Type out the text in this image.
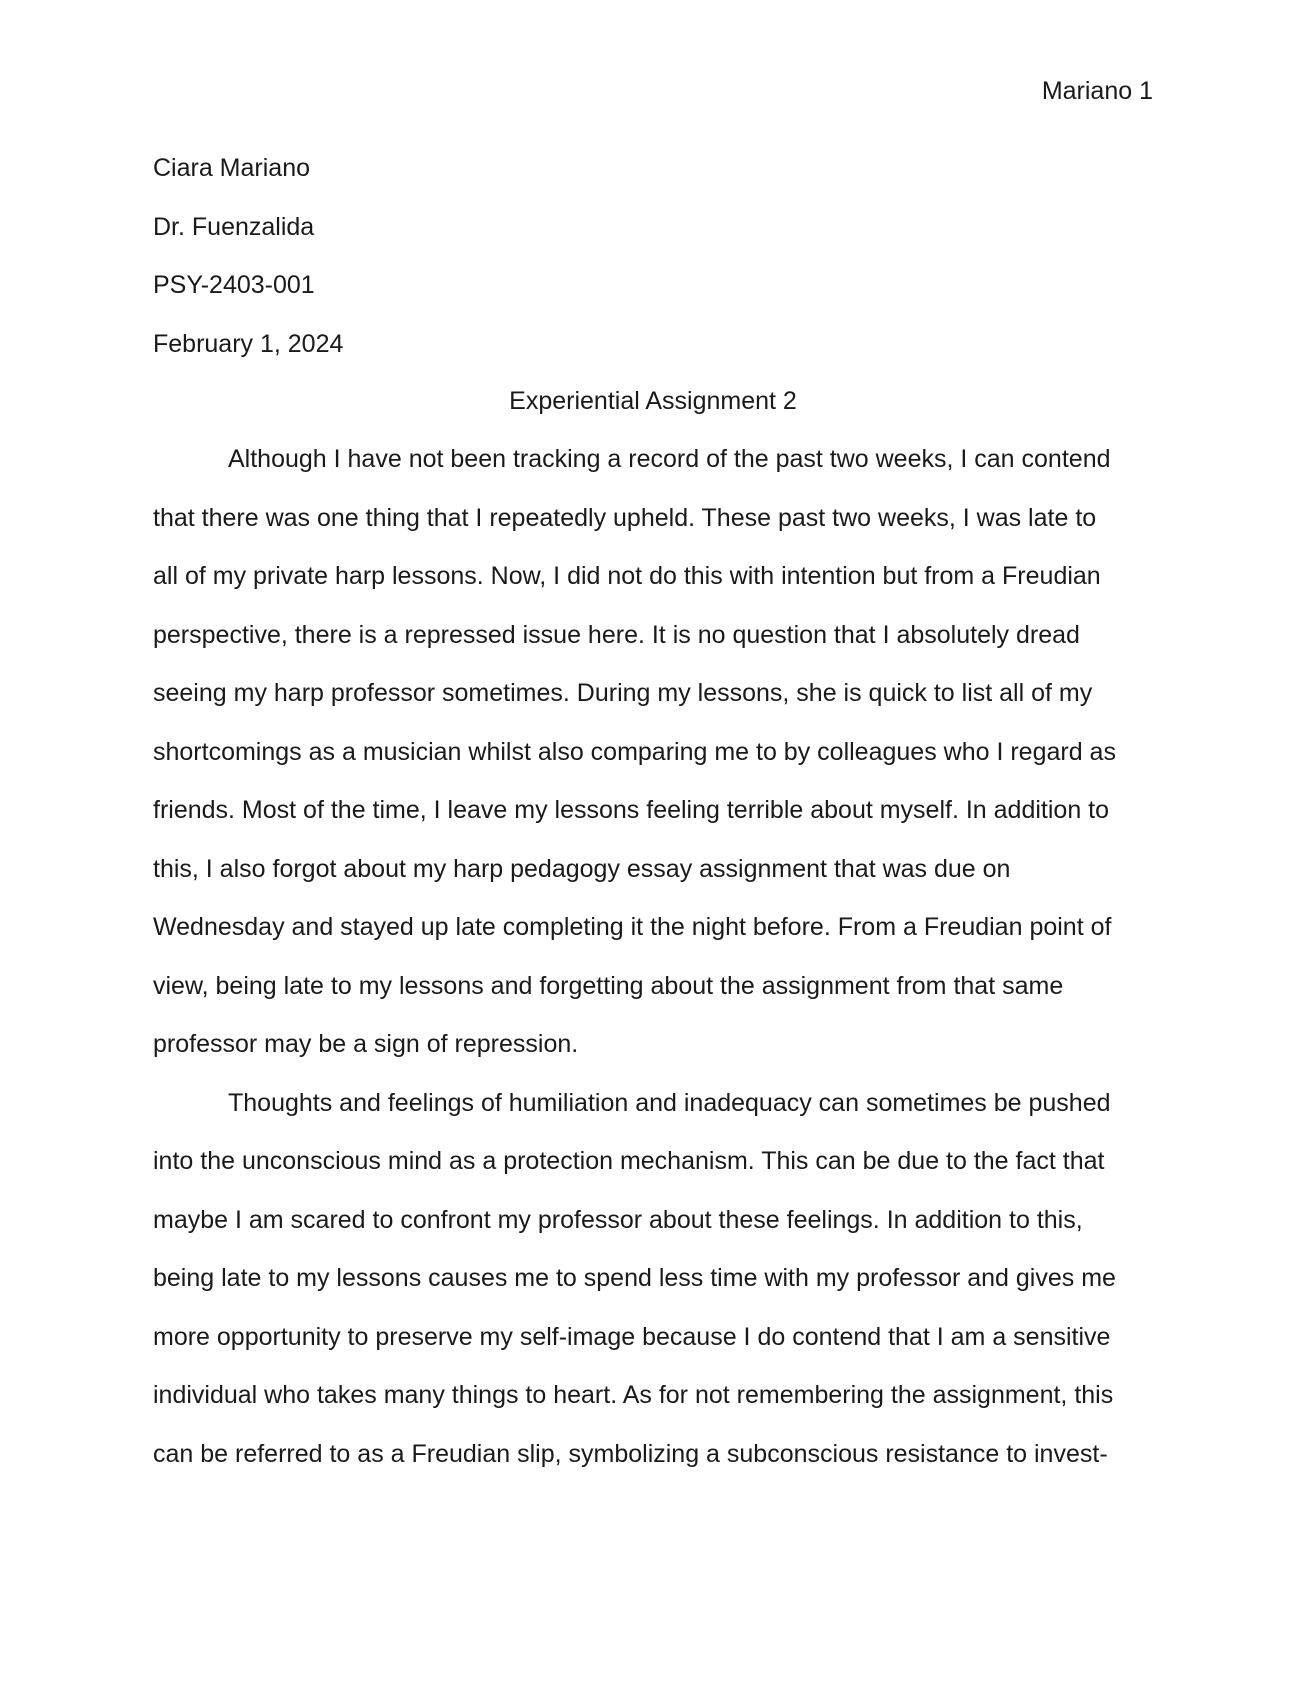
Mariano 1
Ciara Mariano
Dr. Fuenzalida
PSY-2403-001
February 1, 2024
Experiential Assignment 2
Although I have not been tracking a record of the past two weeks, I can contend
that there was one thing that I repeatedly upheld. These past two weeks, I was late to
all of my private harp lessons. Now, I did not do this with intention but from a Freudian
perspective, there is a repressed issue here. It is no question that I absolutely dread
seeing my harp professor sometimes. During my lessons, she is quick to list all of my
shortcomings as a musician whilst also comparing me to by colleagues who I regard as
friends. Most of the time, I leave my lessons feeling terrible about myself. In addition to
this, I also forgot about my harp pedagogy essay assignment that was due on
Wednesday and stayed up late completing it the night before. From a Freudian point of
view, being late to my lessons and forgetting about the assignment from that same
professor may be a sign of repression.
Thoughts and feelings of humiliation and inadequacy can sometimes be pushed
into the unconscious mind as a protection mechanism. This can be due to the fact that
maybe I am scared to confront my professor about these feelings. In addition to this,
being late to my lessons causes me to spend less time with my professor and gives me
more opportunity to preserve my self-image because I do contend that I am a sensitive
individual who takes many things to heart. As for not remembering the assignment, this
can be referred to as a Freudian slip, symbolizing a subconscious resistance to invest-
